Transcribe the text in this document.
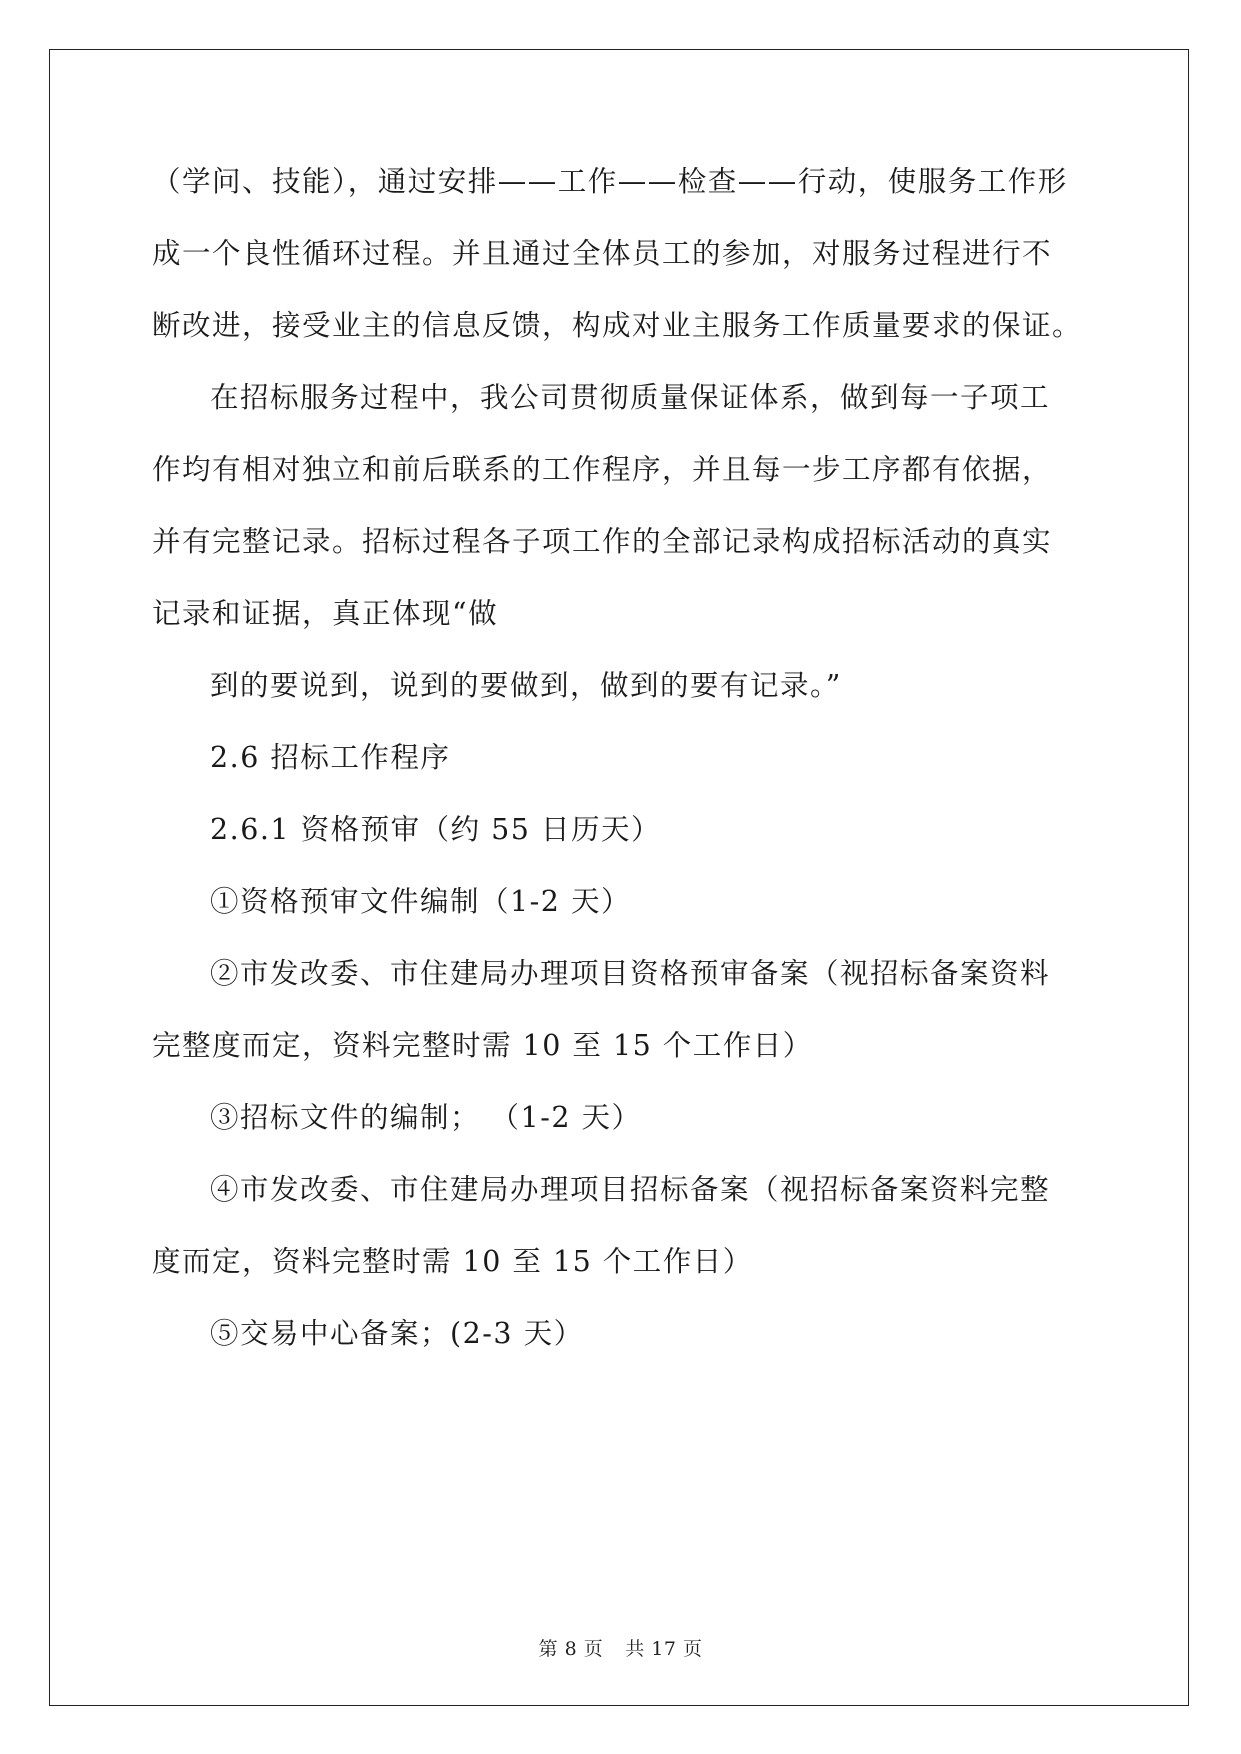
（学问、技能），通过安排——工作——检查——行动，使服务工作形
成一个良性循环过程。并且通过全体员工的参加，对服务过程进行不
断改进，接受业主的信息反馈，构成对业主服务工作质量要求的保证。
在招标服务过程中，我公司贯彻质量保证体系，做到每一子项工
作均有相对独立和前后联系的工作程序，并且每一步工序都有依据，
并有完整记录。招标过程各子项工作的全部记录构成招标活动的真实
记录和证据，真正体现“做
到的要说到，说到的要做到，做到的要有记录。”
2.6 招标工作程序
2.6.1 资格预审（约 55 日历天）
①资格预审文件编制（1-2 天）
②市发改委、市住建局办理项目资格预审备案（视招标备案资料
完整度而定，资料完整时需 10 至 15 个工作日）
③招标文件的编制； （1-2 天）
④市发改委、市住建局办理项目招标备案（视招标备案资料完整
度而定，资料完整时需 10 至 15 个工作日）
⑤交易中心备案；(2-3 天）
第 8 页 共 17 页
